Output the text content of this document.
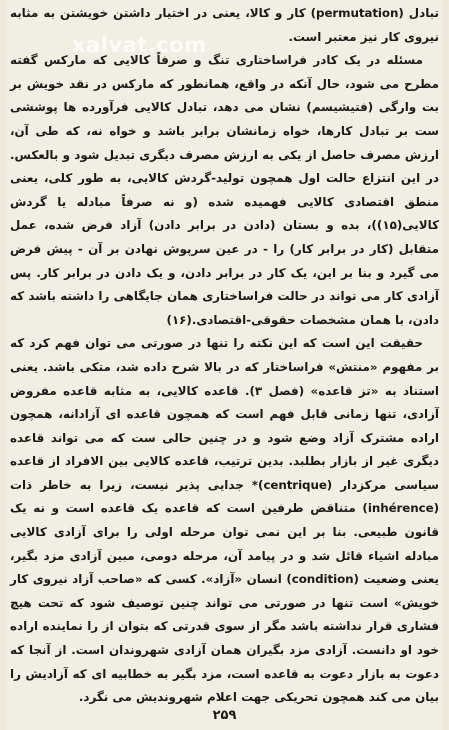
تبادل (permutation) کار و کالا، یعنی در اختیار داشتن خویشتن به مثابه نیروی کار نیز معتبر است.

مسئله در یک کادر فراساختاری تنگ و صرفاً کالایی که مارکس گفته مطرح می شود، حال آنکه در واقع، همانطور که مارکس در نقد خویش بر بت وارگی (فتیشیسم) نشان می دهد، تبادل کالایی فرآورده ها پوششی ست بر تبادل کارها، خواه زمانشان برابر باشد و خواه نه، که طی آن، ارزش مصرف حاصل از یکی به ارزش مصرف دیگری تبدیل شود و بالعکس. در این انتزاع حالت اول همچون تولید-گردش کالایی، به طور کلی، یعنی منطق اقتصادی کالایی فهمیده شده (و نه صرفاً مبادله یا گردش کالایی(۱۵))، بده و بستان (دادن در برابر دادن) آزاد فرض شده، عمل متقابل (کار در برابر کار) را - در عین سرپوش نهادن بر آن - پیش فرض می گیرد و بنا بر این، یک کار در برابر دادن، و یک دادن در برابر کار. پس آزادی کار می تواند در حالت فراساختاری همان جایگاهی را داشته باشد که دادن، با همان مشخصات حقوقی-اقتصادی.(۱۶)

حقیقت این است که این نکته را تنها در صورتی می توان فهم کرد که بر مفهوم «منتش» فراساختار که در بالا شرح داده شد، متکی باشد. یعنی استناد به «تز قاعده» (فصل ۳). قاعده کالایی، به مثابه قاعده مفروض آزادی، تنها زمانی قابل فهم است که همچون قاعده ای آزادانه، همچون اراده مشترک آزاد وضع شود و در چنین حالی ست که می تواند قاعده دیگری غیر از بازار بطلبد. بدین ترتیب، قاعده کالایی بین الافراد از قاعده سیاسی مرکزدار (centrique)* جدایی پذیر نیست، زیرا به خاطر ذات (inhérence) متناقض طرفین است که قاعده یک قاعده است و نه یک قانون طبیعی. بنا بر این نمی توان مرحله اولی را برای آزادی کالایی مبادله اشیاء قائل شد و در پیامد آن، مرحله دومی، مبین آزادی مزد بگیر، یعنی وضعیت (condition) انسان «آزاد». کسی که «صاحب آزاد نیروی کار خویش» است تنها در صورتی می تواند چنین توصیف شود که تحت هیچ فشاری قرار نداشته باشد مگر از سوی قدرتی که بتوان از را نماینده اراده خود او دانست. آزادی مزد بگیران همان آزادی شهروندان است. از آنجا که دعوت به بازار دعوت به قاعده است، مزد بگیر به خطابیه ای که آزادیش را بیان می کند همچون تحریکی جهت اعلام شهروندیش می نگرد.

xalvat.com
۲۵۹
